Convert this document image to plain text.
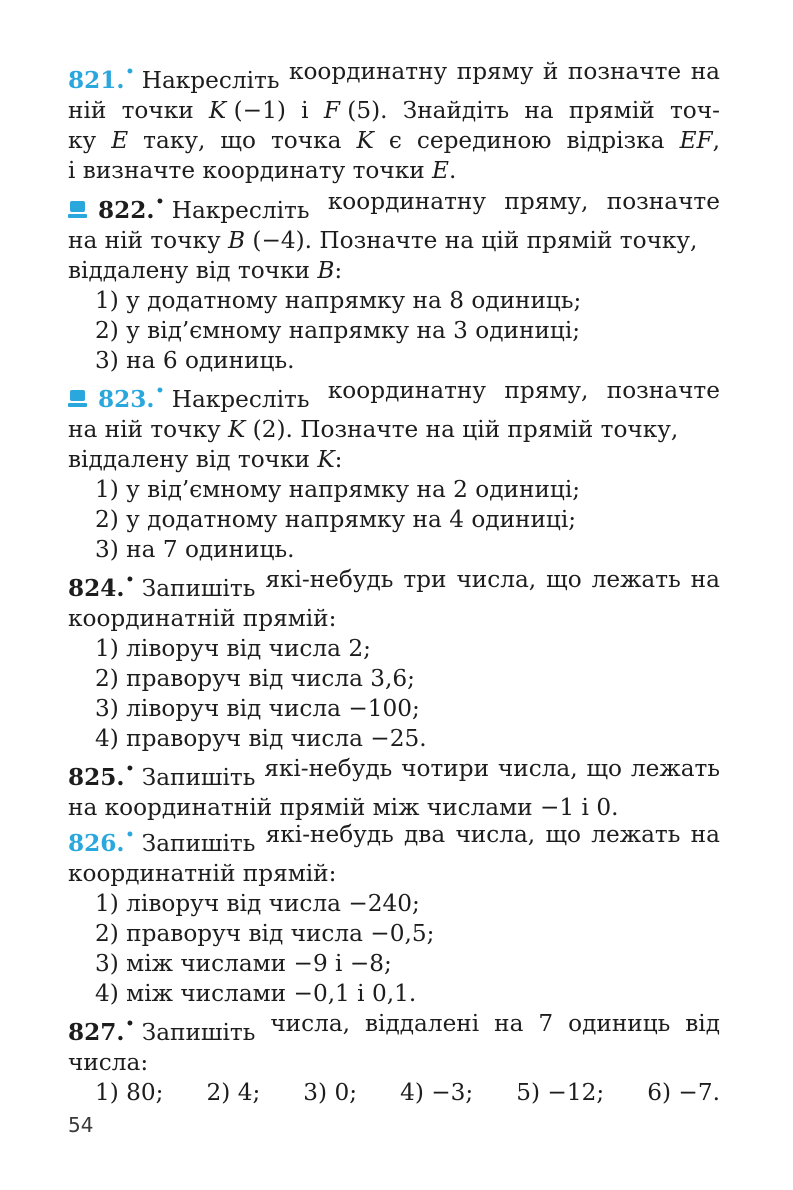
821.• Накресліть координатну пряму й позначте на
ній точки K (−1) і F (5). Знайдіть на прямій точ-
ку E таку, що точка K є серединою відрізка EF,
і визначте координату точки E.
822.• Накресліть координатну пряму, позначте
на ній точку B (−4). Позначте на цій прямій точку,
віддалену від точки B:
1) у додатному напрямку на 8 одиниць;
2) у від’ємному напрямку на 3 одиниці;
3) на 6 одиниць.
823.• Накресліть координатну пряму, позначте
на ній точку K (2). Позначте на цій прямій точку,
віддалену від точки K:
1) у від’ємному напрямку на 2 одиниці;
2) у додатному напрямку на 4 одиниці;
3) на 7 одиниць.
824.• Запишіть які-небудь три числа, що лежать на
координатній прямій:
1) ліворуч від числа 2;
2) праворуч від числа 3,6;
3) ліворуч від числа −100;
4) праворуч від числа −25.
825.• Запишіть які-небудь чотири числа, що лежать
на координатній прямій між числами −1 і 0.
826.• Запишіть які-небудь два числа, що лежать на
координатній прямій:
1) ліворуч від числа −240;
2) праворуч від числа −0,5;
3) між числами −9 і −8;
4) між числами −0,1 і 0,1.
827.• Запишіть числа, віддалені на 7 одиниць від
числа:
1) 80; 2) 4; 3) 0; 4) −3; 5) −12; 6) −7.
54
